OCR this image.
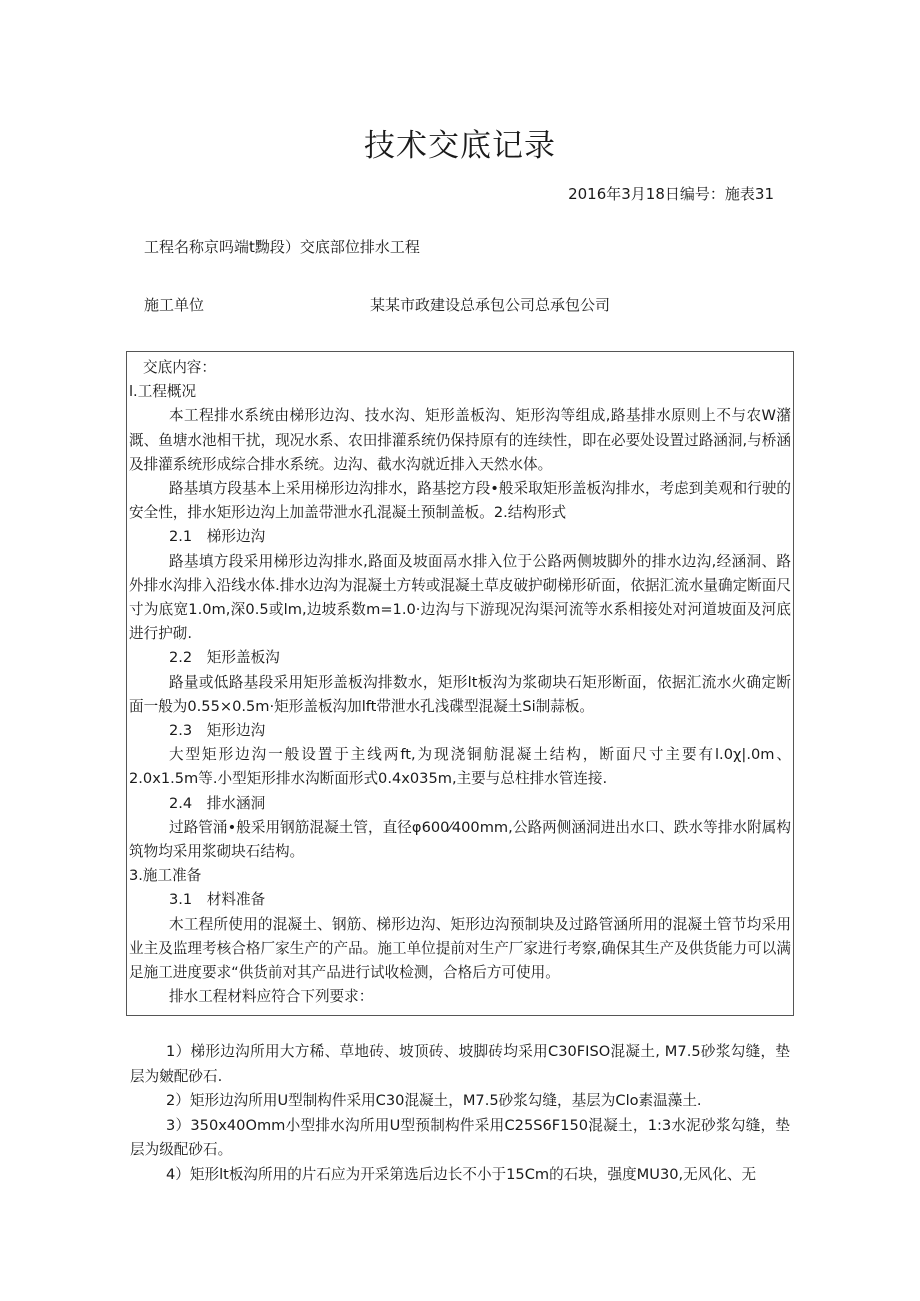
技术交底记录
2016年3月18日编号：施表31
工程名称京吗端t黝段）交底部位排水工程
施工单位	某某市政建设总承包公司总承包公司

交底内容：

l.工程概况

本工程排水系统由梯形边沟、技水沟、矩形盖板沟、矩形沟等组成,路基排水原则上不与农W潴溉、鱼塘水池相干扰，现况水系、农田排灌系统仍保持原有的连续性，即在必要处设置过路涵洞,与桥涵及排灌系统形成综合排水系统。边沟、截水沟就近排入天然水体。

路基填方段基本上采用梯形边沟排水，路基挖方段•般采取矩形盖板沟排水，考虑到美观和行驶的安全性，排水矩形边沟上加盖带泄水孔混凝土预制盖板。2.结构形式

2.1　梯形边沟

路基填方段采用梯形边沟排水,路面及坡面鬲水排入位于公路两侧坡脚外的排水边沟,经涵洞、路外排水沟排入沿线水体.排水边沟为混凝土方转或混凝土草皮破护砌梯形斫面，依据汇流水量确定断面尺寸为底宽1.0m,深0.5或lm,边坡系数m=1.0·边沟与下游现况沟渠河流等水系相接处对河道坡面及河底进行护砌.

2.2　矩形盖板沟

路量或低路基段采用矩形盖板沟排数水，矩形lt板沟为浆砌块石矩形断面，依据汇流水火确定断面一般为0.55×0.5m·矩形盖板沟加lft带泄水孔浅碟型混凝土Si制蒜板。

2.3　矩形边沟

大型矩形边沟一般设置于主线两ft,为现浇铜舫混凝土结构，断面尺寸主要有l.0χ|.0m、2.0x1.5m等.小型矩形排水沟断面形式0.4x035m,主要与总柱排水管连接.

2.4　排水涵洞

过路管涌•般采用钢筋混凝土管，直径φ600⁄400mm,公路两侧涵洞进出水口、跌水等排水附属构筑物均采用浆砌块石结构。

3.施工准备

3.1　材料准备

木工程所使用的混凝土、钢筋、梯形边沟、矩形边沟预制块及过路管涵所用的混凝土管节均采用业主及监理考核合格厂家生产的产品。施工单位提前对生产厂家进行考察,确保其生产及供货能力可以满足施工进度要求“供货前对其产品进行试收检测，合格后方可使用。

排水工程材料应符合下列要求：

1）梯形边沟所用大方稀、草地砖、坡顶砖、坡脚砖均采用C30FISO混凝土, M7.5砂浆勾缝，垫层为皴配砂石.

2）矩形边沟所用U型制构件采用C30混凝土，M7.5砂浆勾缝，基层为Clo素温藻土.

3）350x40Omm小型排水沟所用U型预制构件采用C25S6F150混凝土，1:3水泥砂浆勾缝，垫层为级配砂石。

4）矩形lt板沟所用的片石应为开采第选后边长不小于15Cm的石块，强度MU30,无风化、无
